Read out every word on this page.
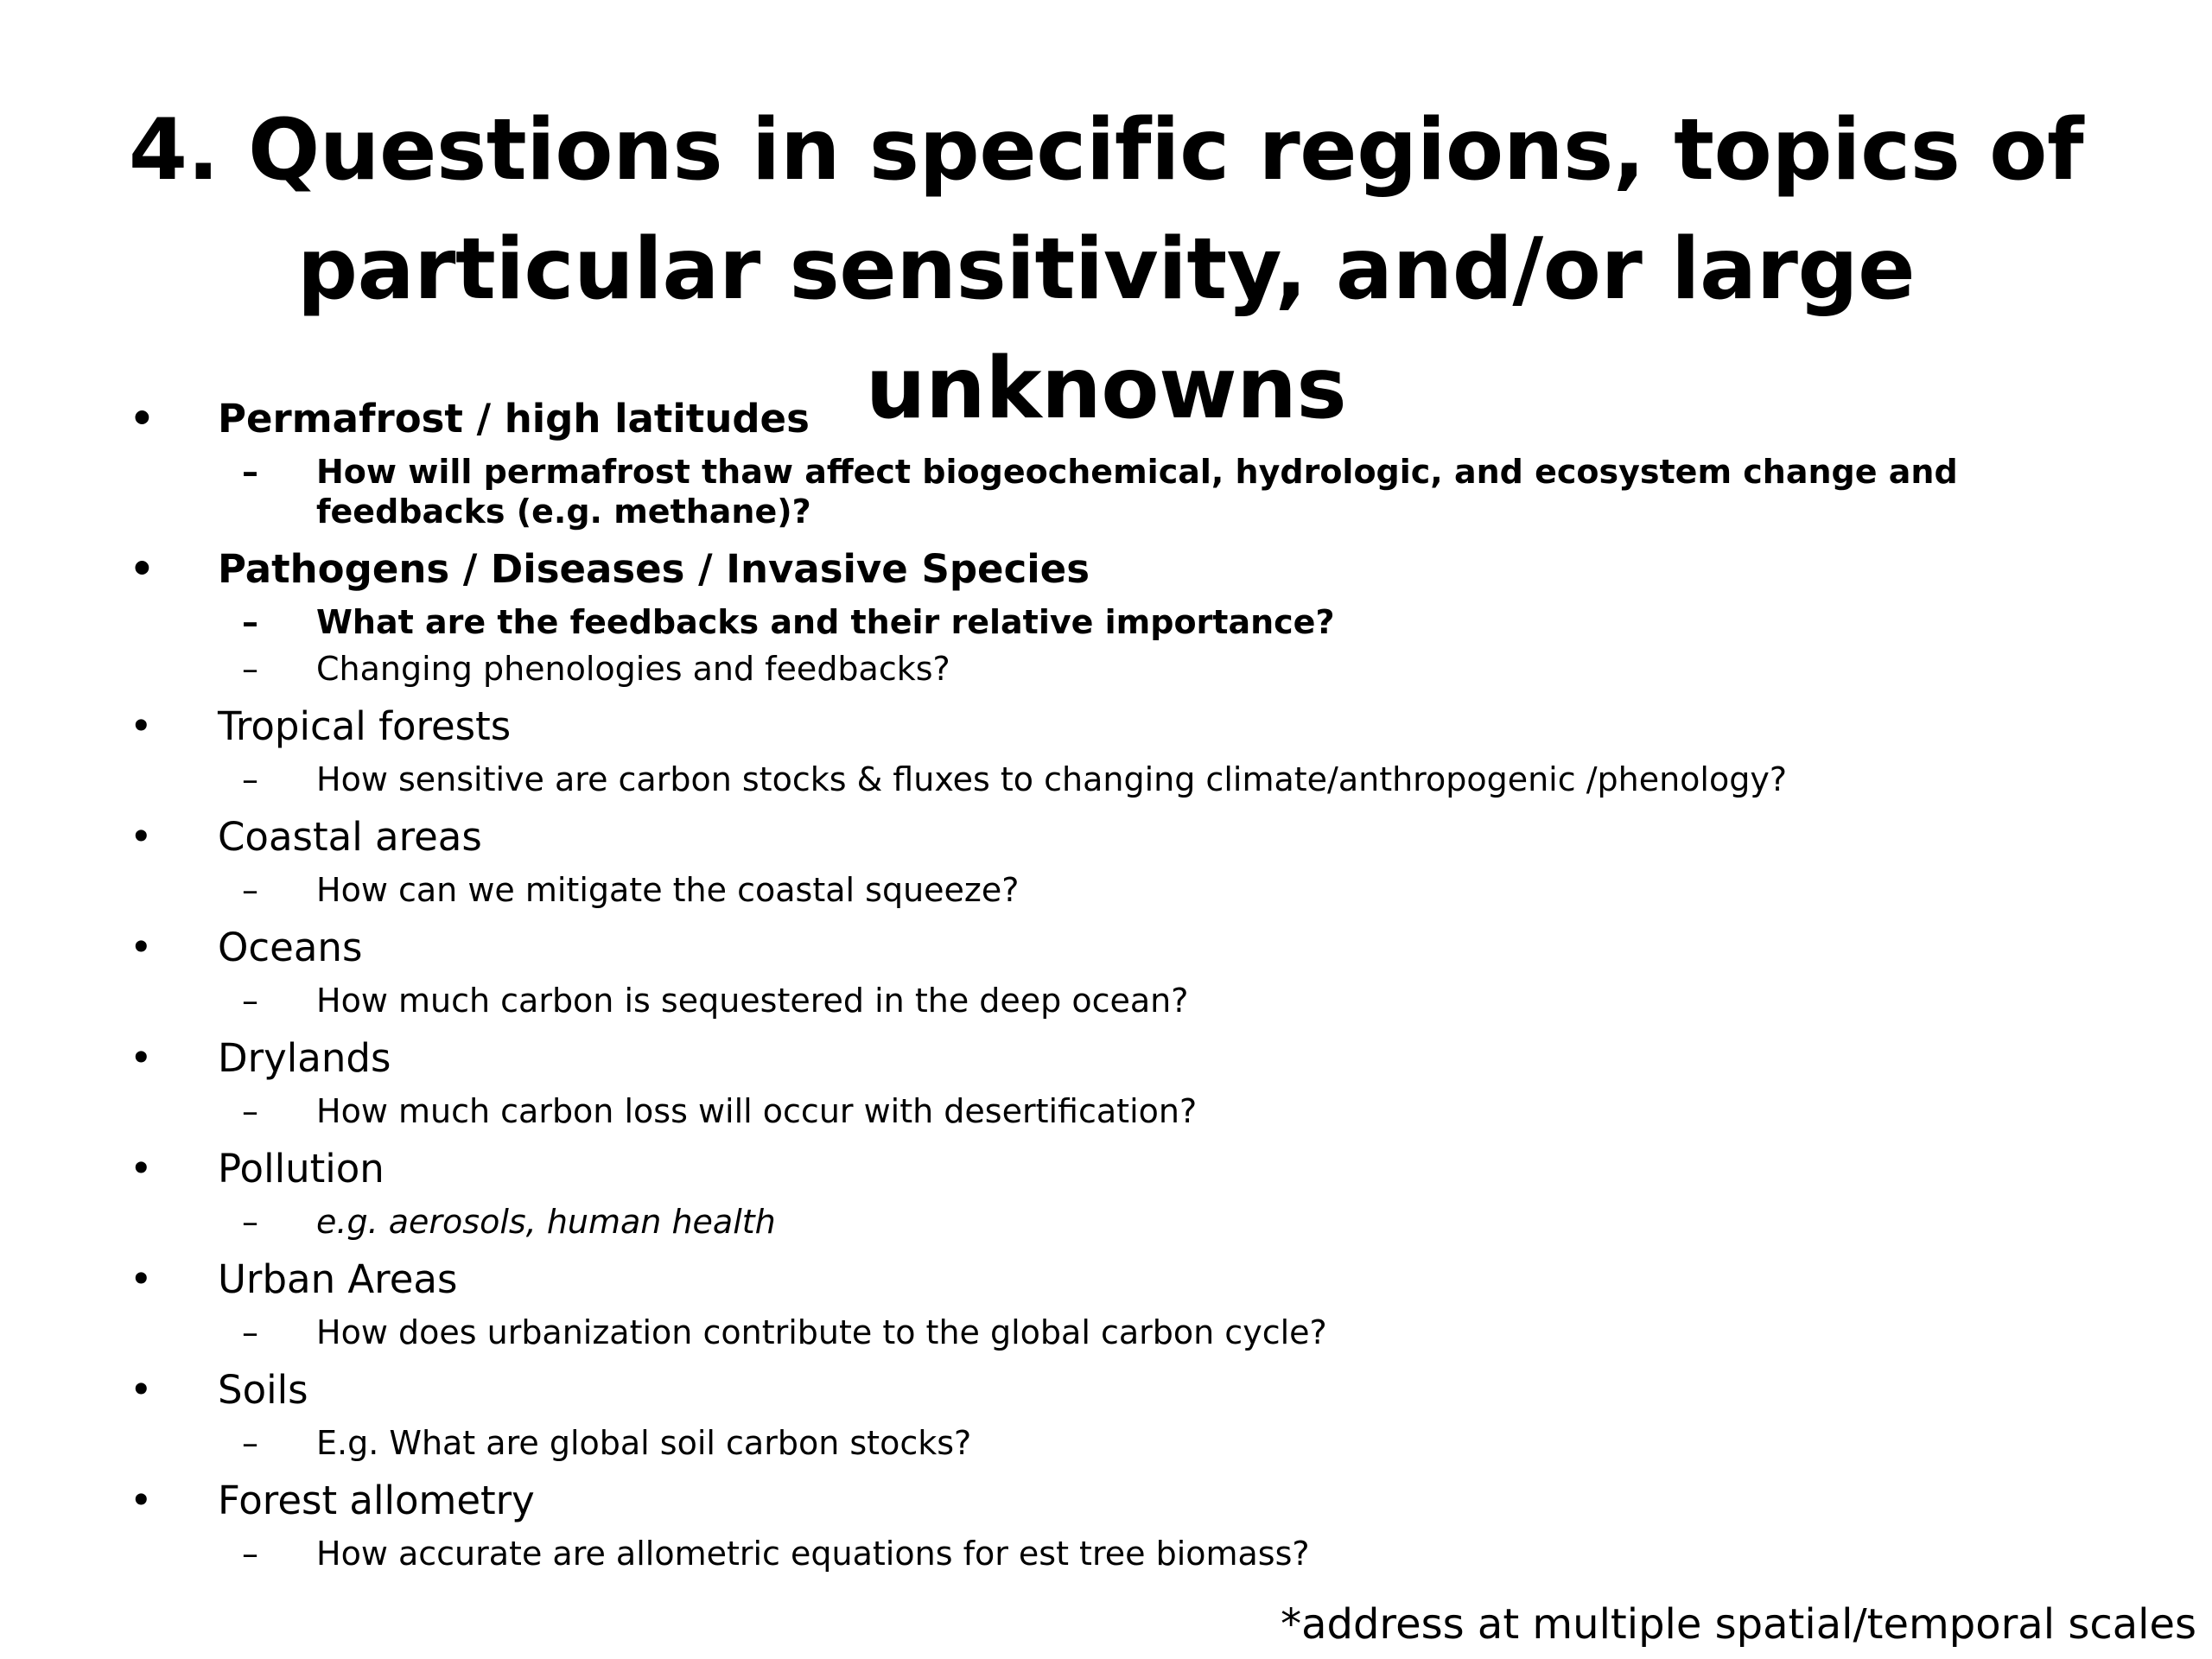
4. Questions in specific regions, topics of
particular sensitivity, and/or large unknowns
• Permafrost / high latitudes
– How will permafrost thaw affect biogeochemical, hydrologic, and ecosystem change and feedbacks (e.g. methane)?
• Pathogens / Diseases / Invasive Species
– What are the feedbacks and their relative importance?
– Changing phenologies and feedbacks?
• Tropical forests
– How sensitive are carbon stocks & fluxes to changing climate/anthropogenic /phenology?
• Coastal areas
– How can we mitigate the coastal squeeze?
• Oceans
– How much carbon is sequestered in the deep ocean?
• Drylands
– How much carbon loss will occur with desertification?
• Pollution
– e.g. aerosols, human health
• Urban Areas
– How does urbanization contribute to the global carbon cycle?
• Soils
– E.g. What are global soil carbon stocks?
• Forest allometry
– How accurate are allometric equations for est tree biomass?
*address at multiple spatial/temporal scales
